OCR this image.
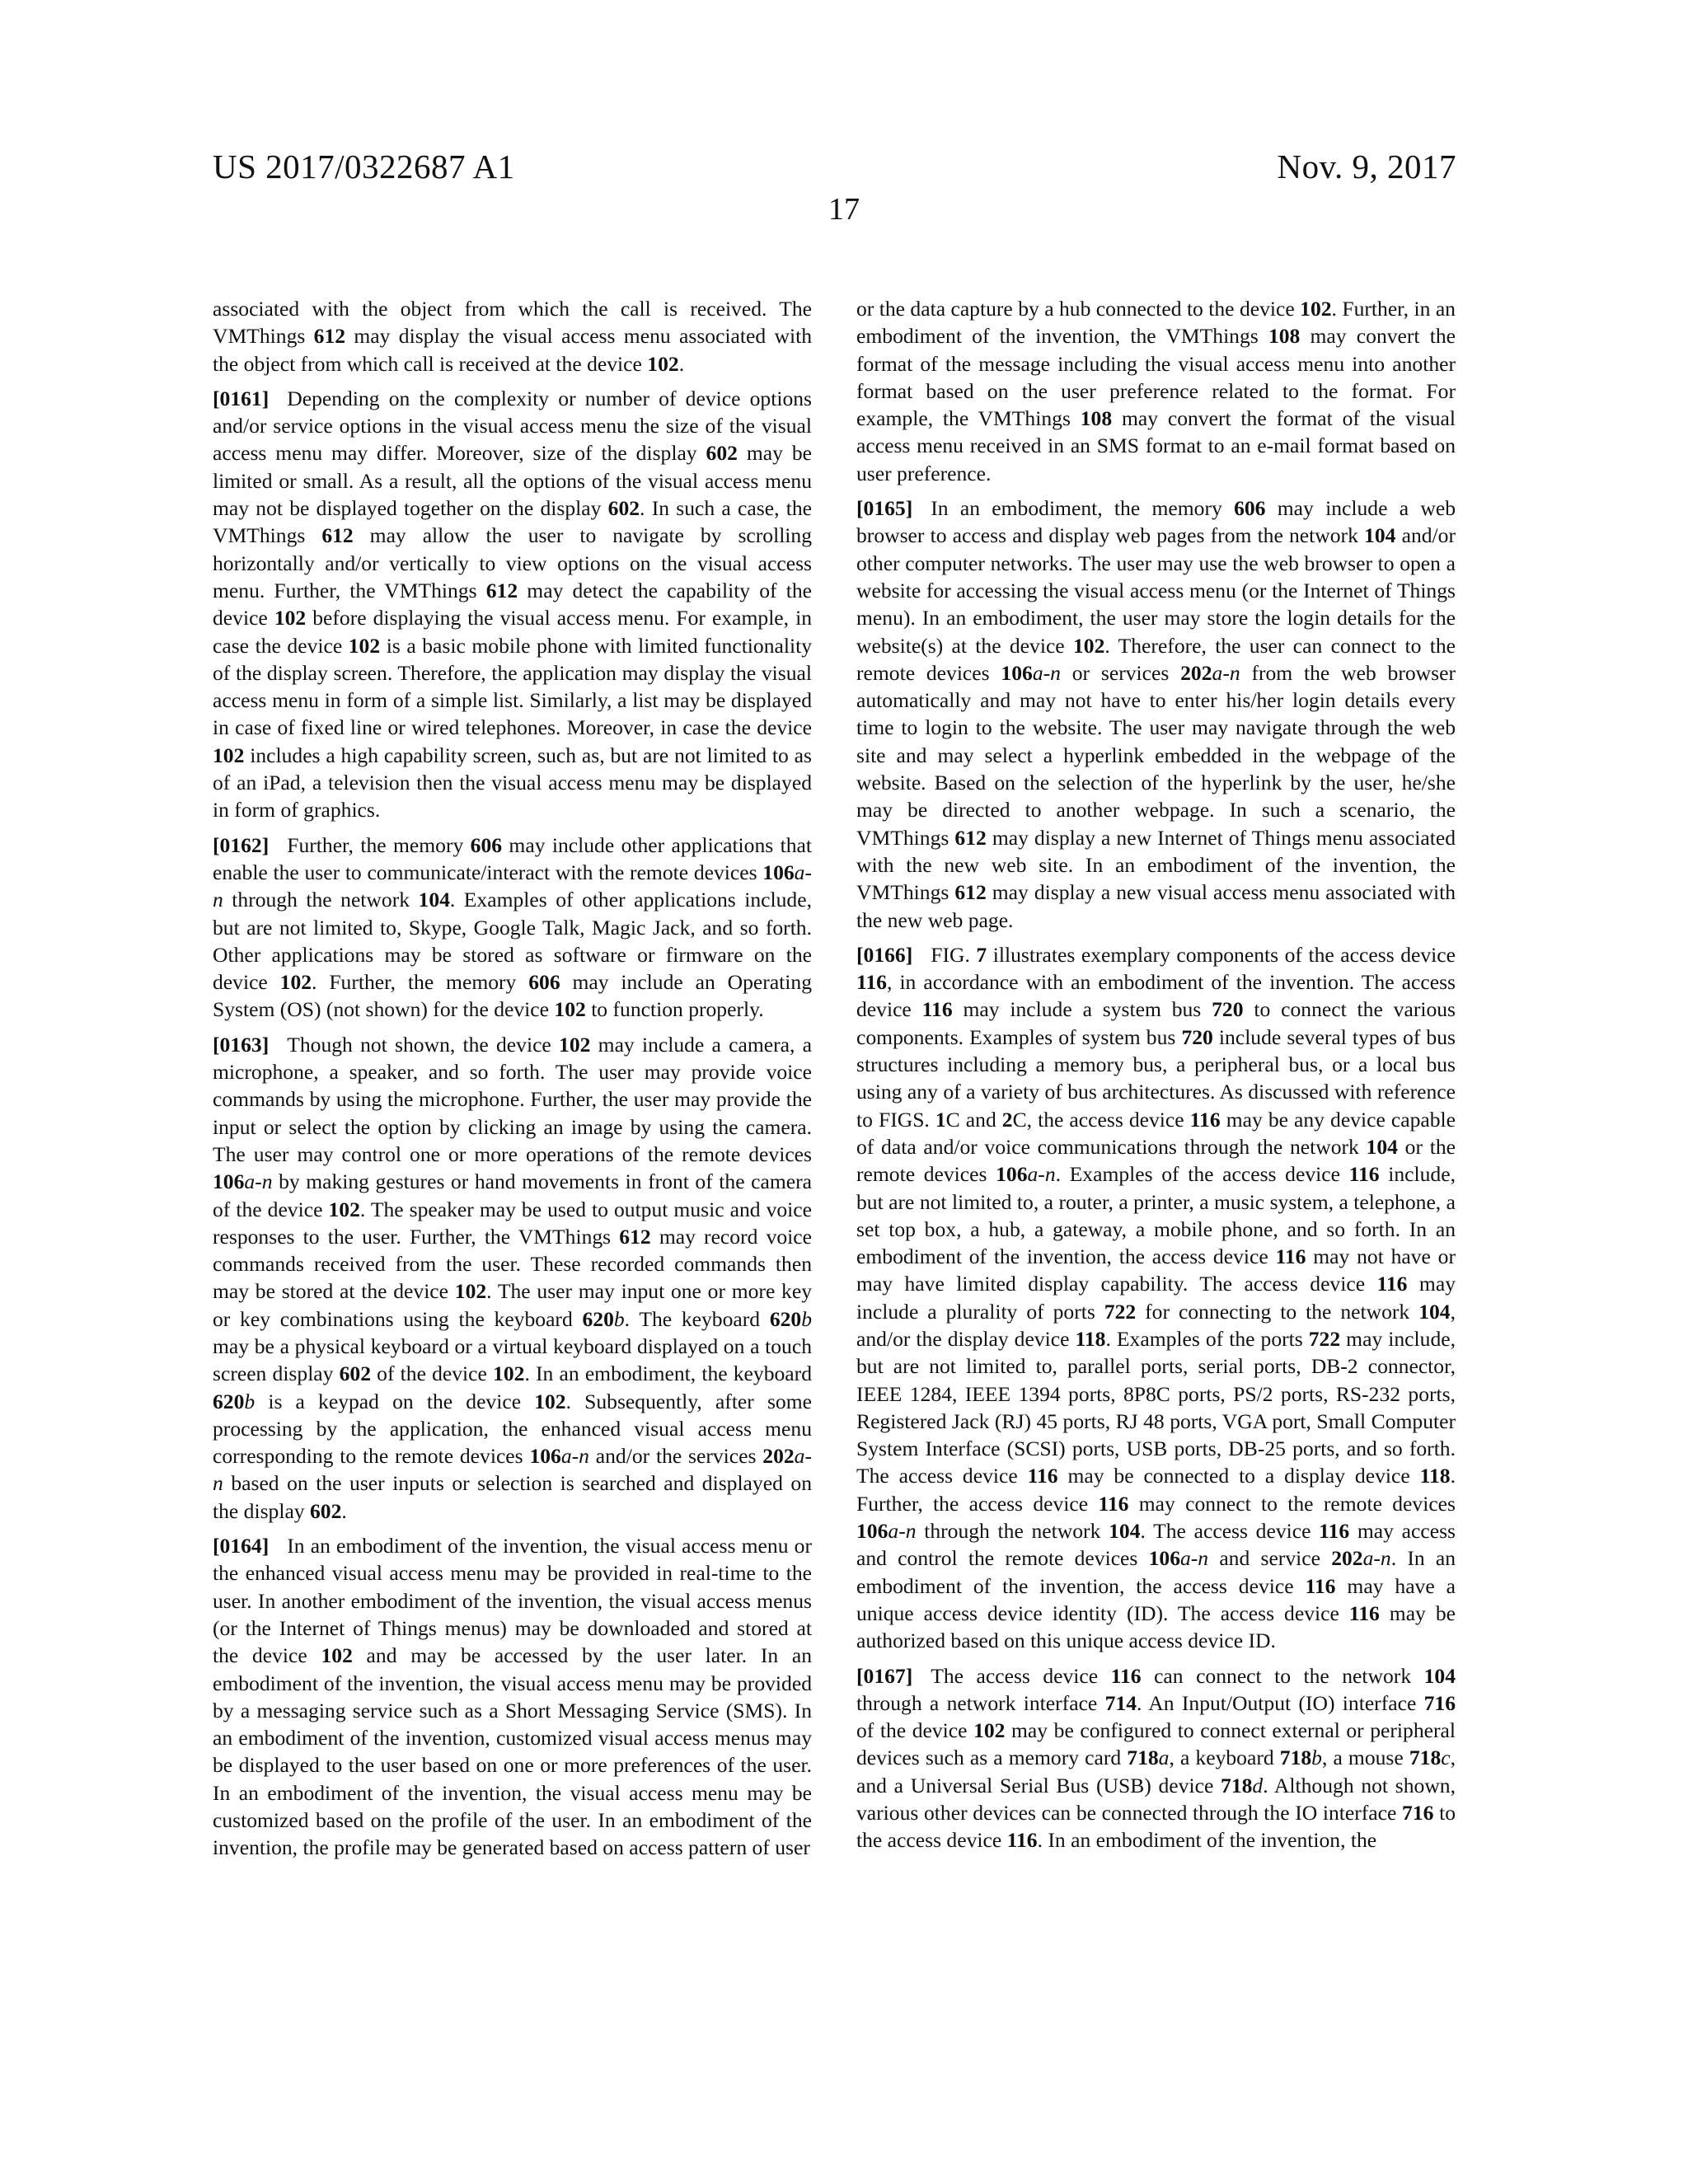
US 2017/0322687 A1	Nov. 9, 2017
17

associated with the object from which the call is received. The VMThings 612 may display the visual access menu associated with the object from which call is received at the device 102.

[0161] Depending on the complexity or number of device options and/or service options in the visual access menu the size of the visual access menu may differ. Moreover, size of the display 602 may be limited or small. As a result, all the options of the visual access menu may not be displayed together on the display 602. In such a case, the VMThings 612 may allow the user to navigate by scrolling horizontally and/or vertically to view options on the visual access menu. Further, the VMThings 612 may detect the capability of the device 102 before displaying the visual access menu. For example, in case the device 102 is a basic mobile phone with limited functionality of the display screen. Therefore, the application may display the visual access menu in form of a simple list. Similarly, a list may be displayed in case of fixed line or wired telephones. Moreover, in case the device 102 includes a high capability screen, such as, but are not limited to as of an iPad, a television then the visual access menu may be displayed in form of graphics.

[0162] Further, the memory 606 may include other applications that enable the user to communicate/interact with the remote devices 106a-n through the network 104. Examples of other applications include, but are not limited to, Skype, Google Talk, Magic Jack, and so forth. Other applications may be stored as software or firmware on the device 102. Further, the memory 606 may include an Operating System (OS) (not shown) for the device 102 to function properly.

[0163] Though not shown, the device 102 may include a camera, a microphone, a speaker, and so forth. The user may provide voice commands by using the microphone. Further, the user may provide the input or select the option by clicking an image by using the camera. The user may control one or more operations of the remote devices 106a-n by making gestures or hand movements in front of the camera of the device 102. The speaker may be used to output music and voice responses to the user. Further, the VMThings 612 may record voice commands received from the user. These recorded commands then may be stored at the device 102. The user may input one or more key or key combinations using the keyboard 620b. The keyboard 620b may be a physical keyboard or a virtual keyboard displayed on a touch screen display 602 of the device 102. In an embodiment, the keyboard 620b is a keypad on the device 102. Subsequently, after some processing by the application, the enhanced visual access menu corresponding to the remote devices 106a-n and/or the services 202a-n based on the user inputs or selection is searched and displayed on the display 602.

[0164] In an embodiment of the invention, the visual access menu or the enhanced visual access menu may be provided in real-time to the user. In another embodiment of the invention, the visual access menus (or the Internet of Things menus) may be downloaded and stored at the device 102 and may be accessed by the user later. In an embodiment of the invention, the visual access menu may be provided by a messaging service such as a Short Messaging Service (SMS). In an embodiment of the invention, customized visual access menus may be displayed to the user based on one or more preferences of the user. In an embodiment of the invention, the visual access menu may be customized based on the profile of the user. In an embodiment of the invention, the profile may be generated based on access pattern of user

or the data capture by a hub connected to the device 102. Further, in an embodiment of the invention, the VMThings 108 may convert the format of the message including the visual access menu into another format based on the user preference related to the format. For example, the VMThings 108 may convert the format of the visual access menu received in an SMS format to an e-mail format based on user preference.

[0165] In an embodiment, the memory 606 may include a web browser to access and display web pages from the network 104 and/or other computer networks. The user may use the web browser to open a website for accessing the visual access menu (or the Internet of Things menu). In an embodiment, the user may store the login details for the website(s) at the device 102. Therefore, the user can connect to the remote devices 106a-n or services 202a-n from the web browser automatically and may not have to enter his/her login details every time to login to the website. The user may navigate through the web site and may select a hyperlink embedded in the webpage of the website. Based on the selection of the hyperlink by the user, he/she may be directed to another webpage. In such a scenario, the VMThings 612 may display a new Internet of Things menu associated with the new web site. In an embodiment of the invention, the VMThings 612 may display a new visual access menu associated with the new web page.

[0166] FIG. 7 illustrates exemplary components of the access device 116, in accordance with an embodiment of the invention. The access device 116 may include a system bus 720 to connect the various components. Examples of system bus 720 include several types of bus structures including a memory bus, a peripheral bus, or a local bus using any of a variety of bus architectures. As discussed with reference to FIGS. 1C and 2C, the access device 116 may be any device capable of data and/or voice communications through the network 104 or the remote devices 106a-n. Examples of the access device 116 include, but are not limited to, a router, a printer, a music system, a telephone, a set top box, a hub, a gateway, a mobile phone, and so forth. In an embodiment of the invention, the access device 116 may not have or may have limited display capability. The access device 116 may include a plurality of ports 722 for connecting to the network 104, and/or the display device 118. Examples of the ports 722 may include, but are not limited to, parallel ports, serial ports, DB-2 connector, IEEE 1284, IEEE 1394 ports, 8P8C ports, PS/2 ports, RS-232 ports, Registered Jack (RJ) 45 ports, RJ 48 ports, VGA port, Small Computer System Interface (SCSI) ports, USB ports, DB-25 ports, and so forth. The access device 116 may be connected to a display device 118. Further, the access device 116 may connect to the remote devices 106a-n through the network 104. The access device 116 may access and control the remote devices 106a-n and service 202a-n. In an embodiment of the invention, the access device 116 may have a unique access device identity (ID). The access device 116 may be authorized based on this unique access device ID.

[0167] The access device 116 can connect to the network 104 through a network interface 714. An Input/Output (IO) interface 716 of the device 102 may be configured to connect external or peripheral devices such as a memory card 718a, a keyboard 718b, a mouse 718c, and a Universal Serial Bus (USB) device 718d. Although not shown, various other devices can be connected through the IO interface 716 to the access device 116. In an embodiment of the invention, the
